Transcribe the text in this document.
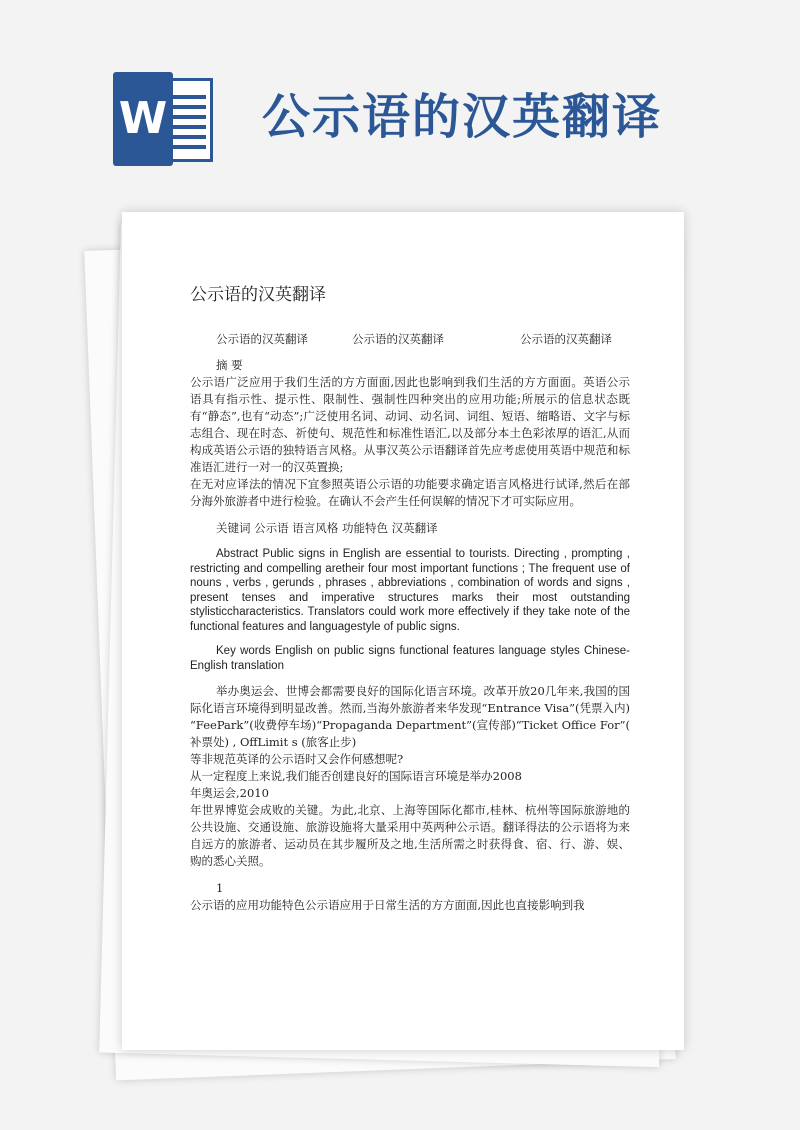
W 公示语的汉英翻译
公示语的汉英翻译
公示语的汉英翻译	公示语的汉英翻译	公示语的汉英翻译

摘 要

公示语广泛应用于我们生活的方方面面,因此也影响到我们生活的方方面面。英语公示语具有指示性、提示性、限制性、强制性四种突出的应用功能;所展示的信息状态既有“静态”,也有“动态”;广泛使用名词、动词、动名词、词组、短语、缩略语、文字与标志组合、现在时态、祈使句、规范性和标准性语汇,以及部分本土色彩浓厚的语汇,从而构成英语公示语的独特语言风格。从事汉英公示语翻译首先应考虑使用英语中规范和标准语汇进行一对一的汉英置换;

在无对应译法的情况下宜参照英语公示语的功能要求确定语言风格进行试译,然后在部分海外旅游者中进行检验。在确认不会产生任何误解的情况下才可实际应用。

关键词 公示语 语言风格 功能特色 汉英翻译

Abstract Public signs in English are essential to tourists. Directing , prompting , restricting and compelling aretheir four most important functions ; The frequent use of nouns , verbs , gerunds , phrases , abbreviations , combination of words and signs , present tenses and imperative structures marks their most outstanding stylisticcharacteristics. Translators could work more effectively if they take note of the functional features and languagestyle of public signs.

Key words English on public signs functional features language styles Chinese- English translation

举办奥运会、世博会都需要良好的国际化语言环境。改革开放20几年来,我国的国际化语言环境得到明显改善。然而,当海外旅游者来华发现“Entrance Visa”(凭票入内) “FeePark”(收费停车场)“Propaganda Department”(宣传部)“Ticket Office For”( 补票处) , OffLimit s (旅客止步)

等非规范英译的公示语时又会作何感想呢?

从一定程度上来说,我们能否创建良好的国际语言环境是举办2008

年奥运会,2010

年世界博览会成败的关键。为此,北京、上海等国际化都市,桂林、杭州等国际旅游地的公共设施、交通设施、旅游设施将大量采用中英两种公示语。翻译得法的公示语将为来自远方的旅游者、运动员在其步履所及之地,生活所需之时获得食、宿、行、游、娱、购的悉心关照。

1

公示语的应用功能特色公示语应用于日常生活的方方面面,因此也直接影响到我
